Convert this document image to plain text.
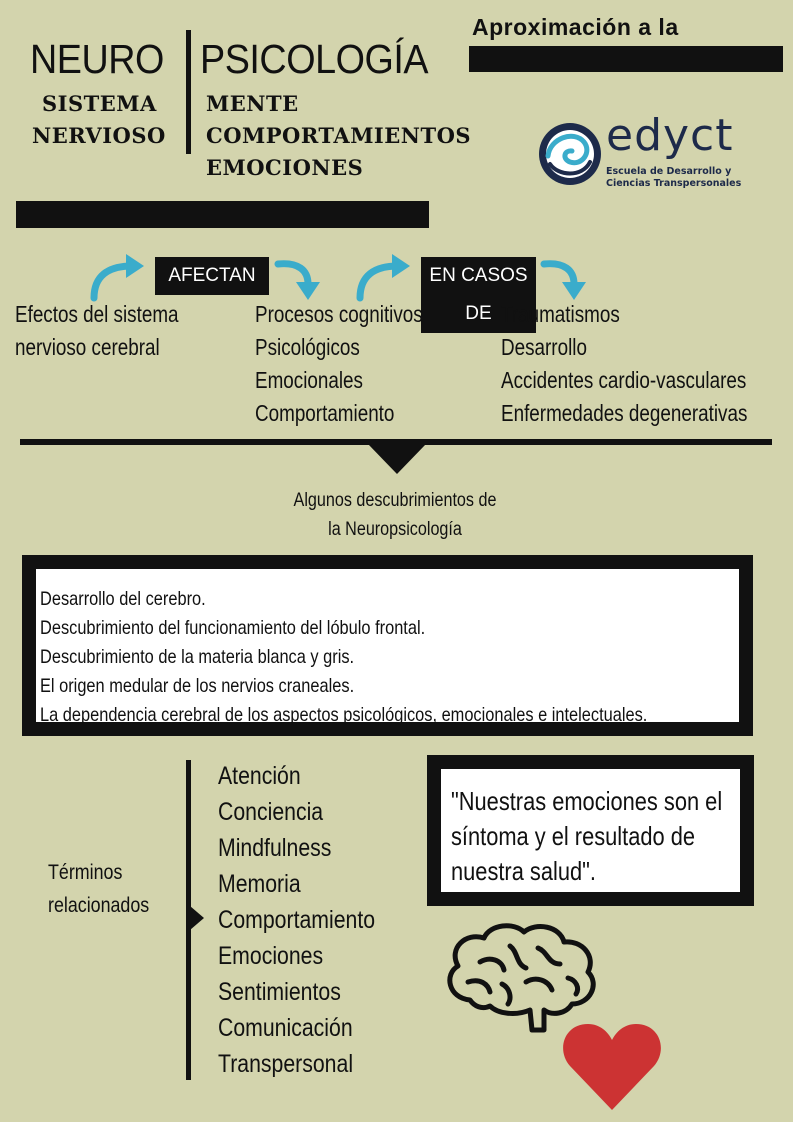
Aproximación a la
NEURO PSICOLOGÍA
SISTEMA
NERVIOSO
MENTE
COMPORTAMIENTOS
EMOCIONES
edyct
Escuela de Desarrollo y
Ciencias Transpersonales
AFECTAN	EN CASOS DE
Efectos del sistema
nervioso cerebral
Procesos cognitivos
Psicológicos
Emocionales
Comportamiento
Traumatismos
Desarrollo
Accidentes cardio-vasculares
Enfermedades degenerativas
Algunos descubrimientos de
la Neuropsicología
Desarrollo del cerebro.
Descubrimiento del funcionamiento del lóbulo frontal.
Descubrimiento de la materia blanca y gris.
El origen medular de los nervios craneales.
La dependencia cerebral de los aspectos psicológicos, emocionales e intelectuales.
Términos
relacionados
Atención
Conciencia
Mindfulness
Memoria
Comportamiento
Emociones
Sentimientos
Comunicación
Transpersonal
"Nuestras emociones son el
síntoma y el resultado de
nuestra salud".
